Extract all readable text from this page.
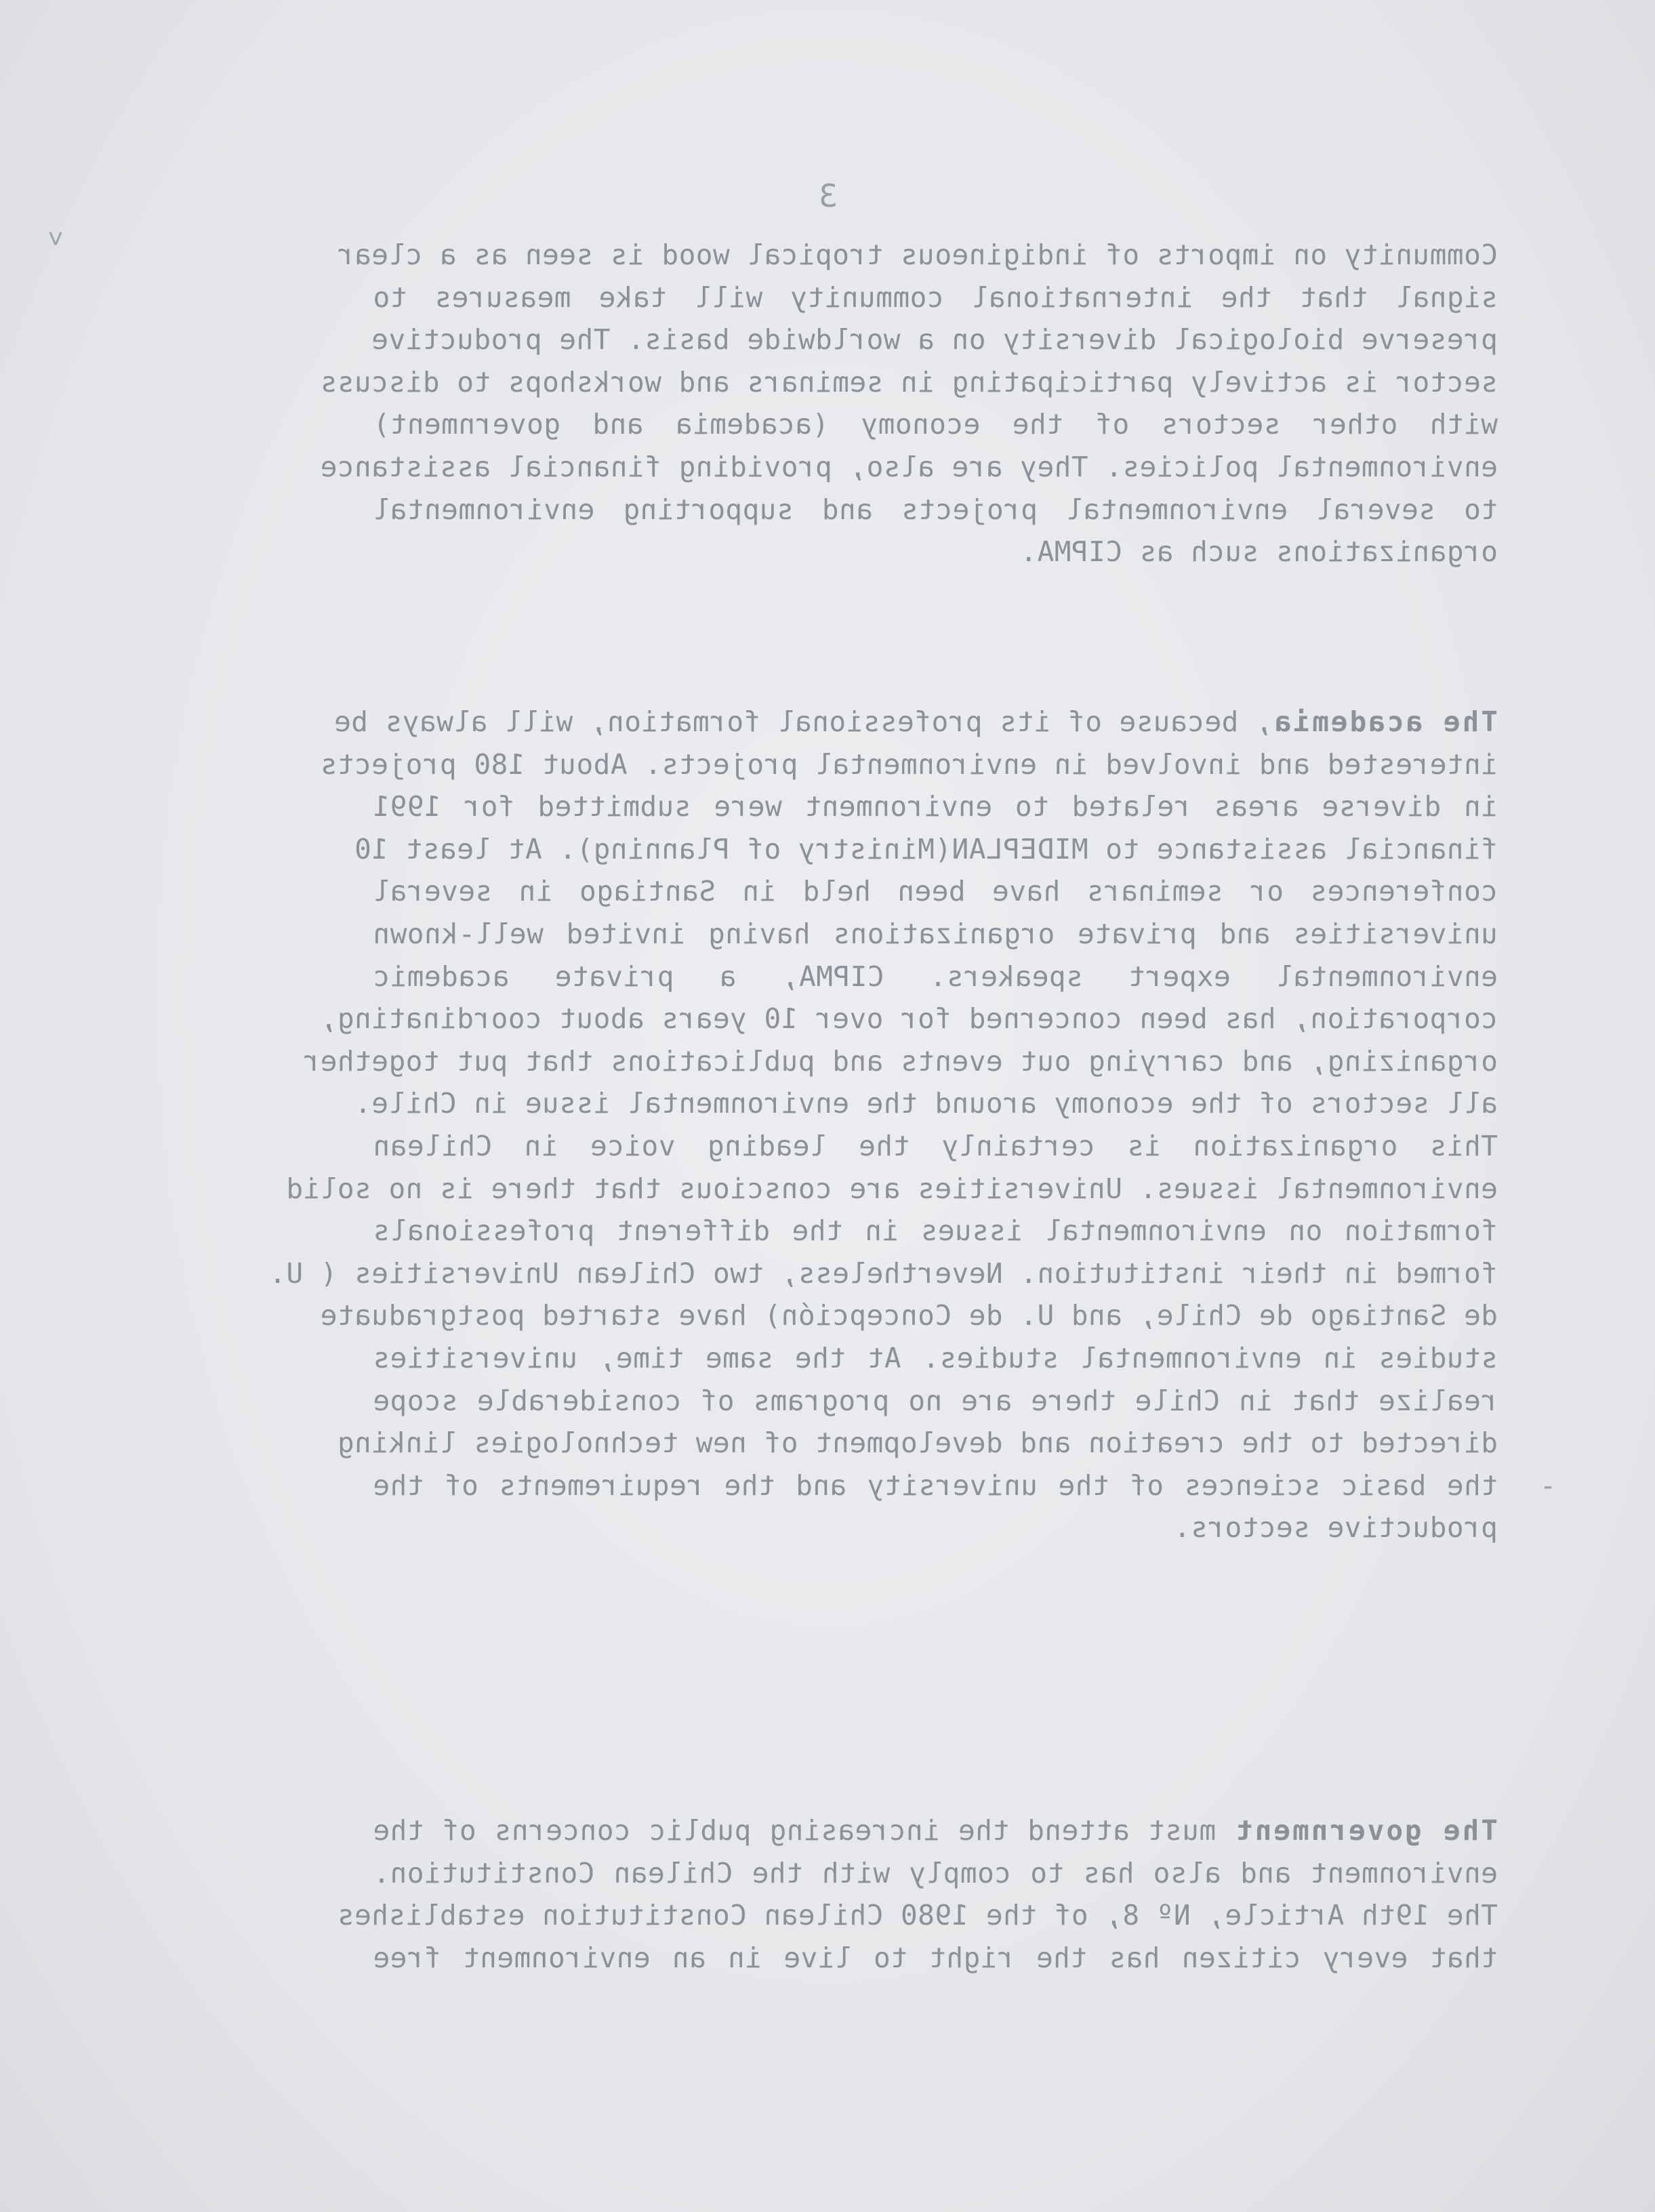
3
Community on imports of indigineous tropical wood is seen as a clear
signal that the international community will take measures to
preserve biological diversity on a worldwide basis. The productive
sector is actively participating in seminars and workshops to discuss
with other sectors of the economy (academia and government)
environmental policies. They are also, providing financial assistance
to several environmental projects and supporting environmental
organizations such as CIPMA.
The academia, because of its professional formation, will always be
interested and involved in environmental projects. About 180 projects
in diverse areas related to environment were submitted for 1991
financial assistance to MIDEPLAN(Ministry of Planning). At least 10
conferences or seminars have been held in Santiago in several
universities and private organizations having invited well-known
environmental expert speakers. CIPMA, a private academic
corporation, has been concerned for over 10 years about coordinating,
organizing, and carrying out events and publications that put together
all sectors of the economy around the environmental issue in Chile.
This organization is certainly the leading voice in Chilean
environmental issues. Universities are conscious that there is no solid
formation on environmental issues in the different professionals
formed in their institution. Nevertheless, two Chilean Universities ( U.
de Santiago de Chile, and U. de Concepción) have started postgraduate
studies in environmental studies. At the same time, universities
realize that in Chile there are no programs of considerable scope
directed to the creation and development of new technologies linking
the basic sciences of the university and the requirements of the
productive sectors.
The government must attend the increasing public concerns of the
environment and also has to comply with the Chilean Constitution.
The 19th Article, Nº 8, of the 1980 Chilean Constitution establishes
that every citizen has the right to live in an environment free
˅
-
